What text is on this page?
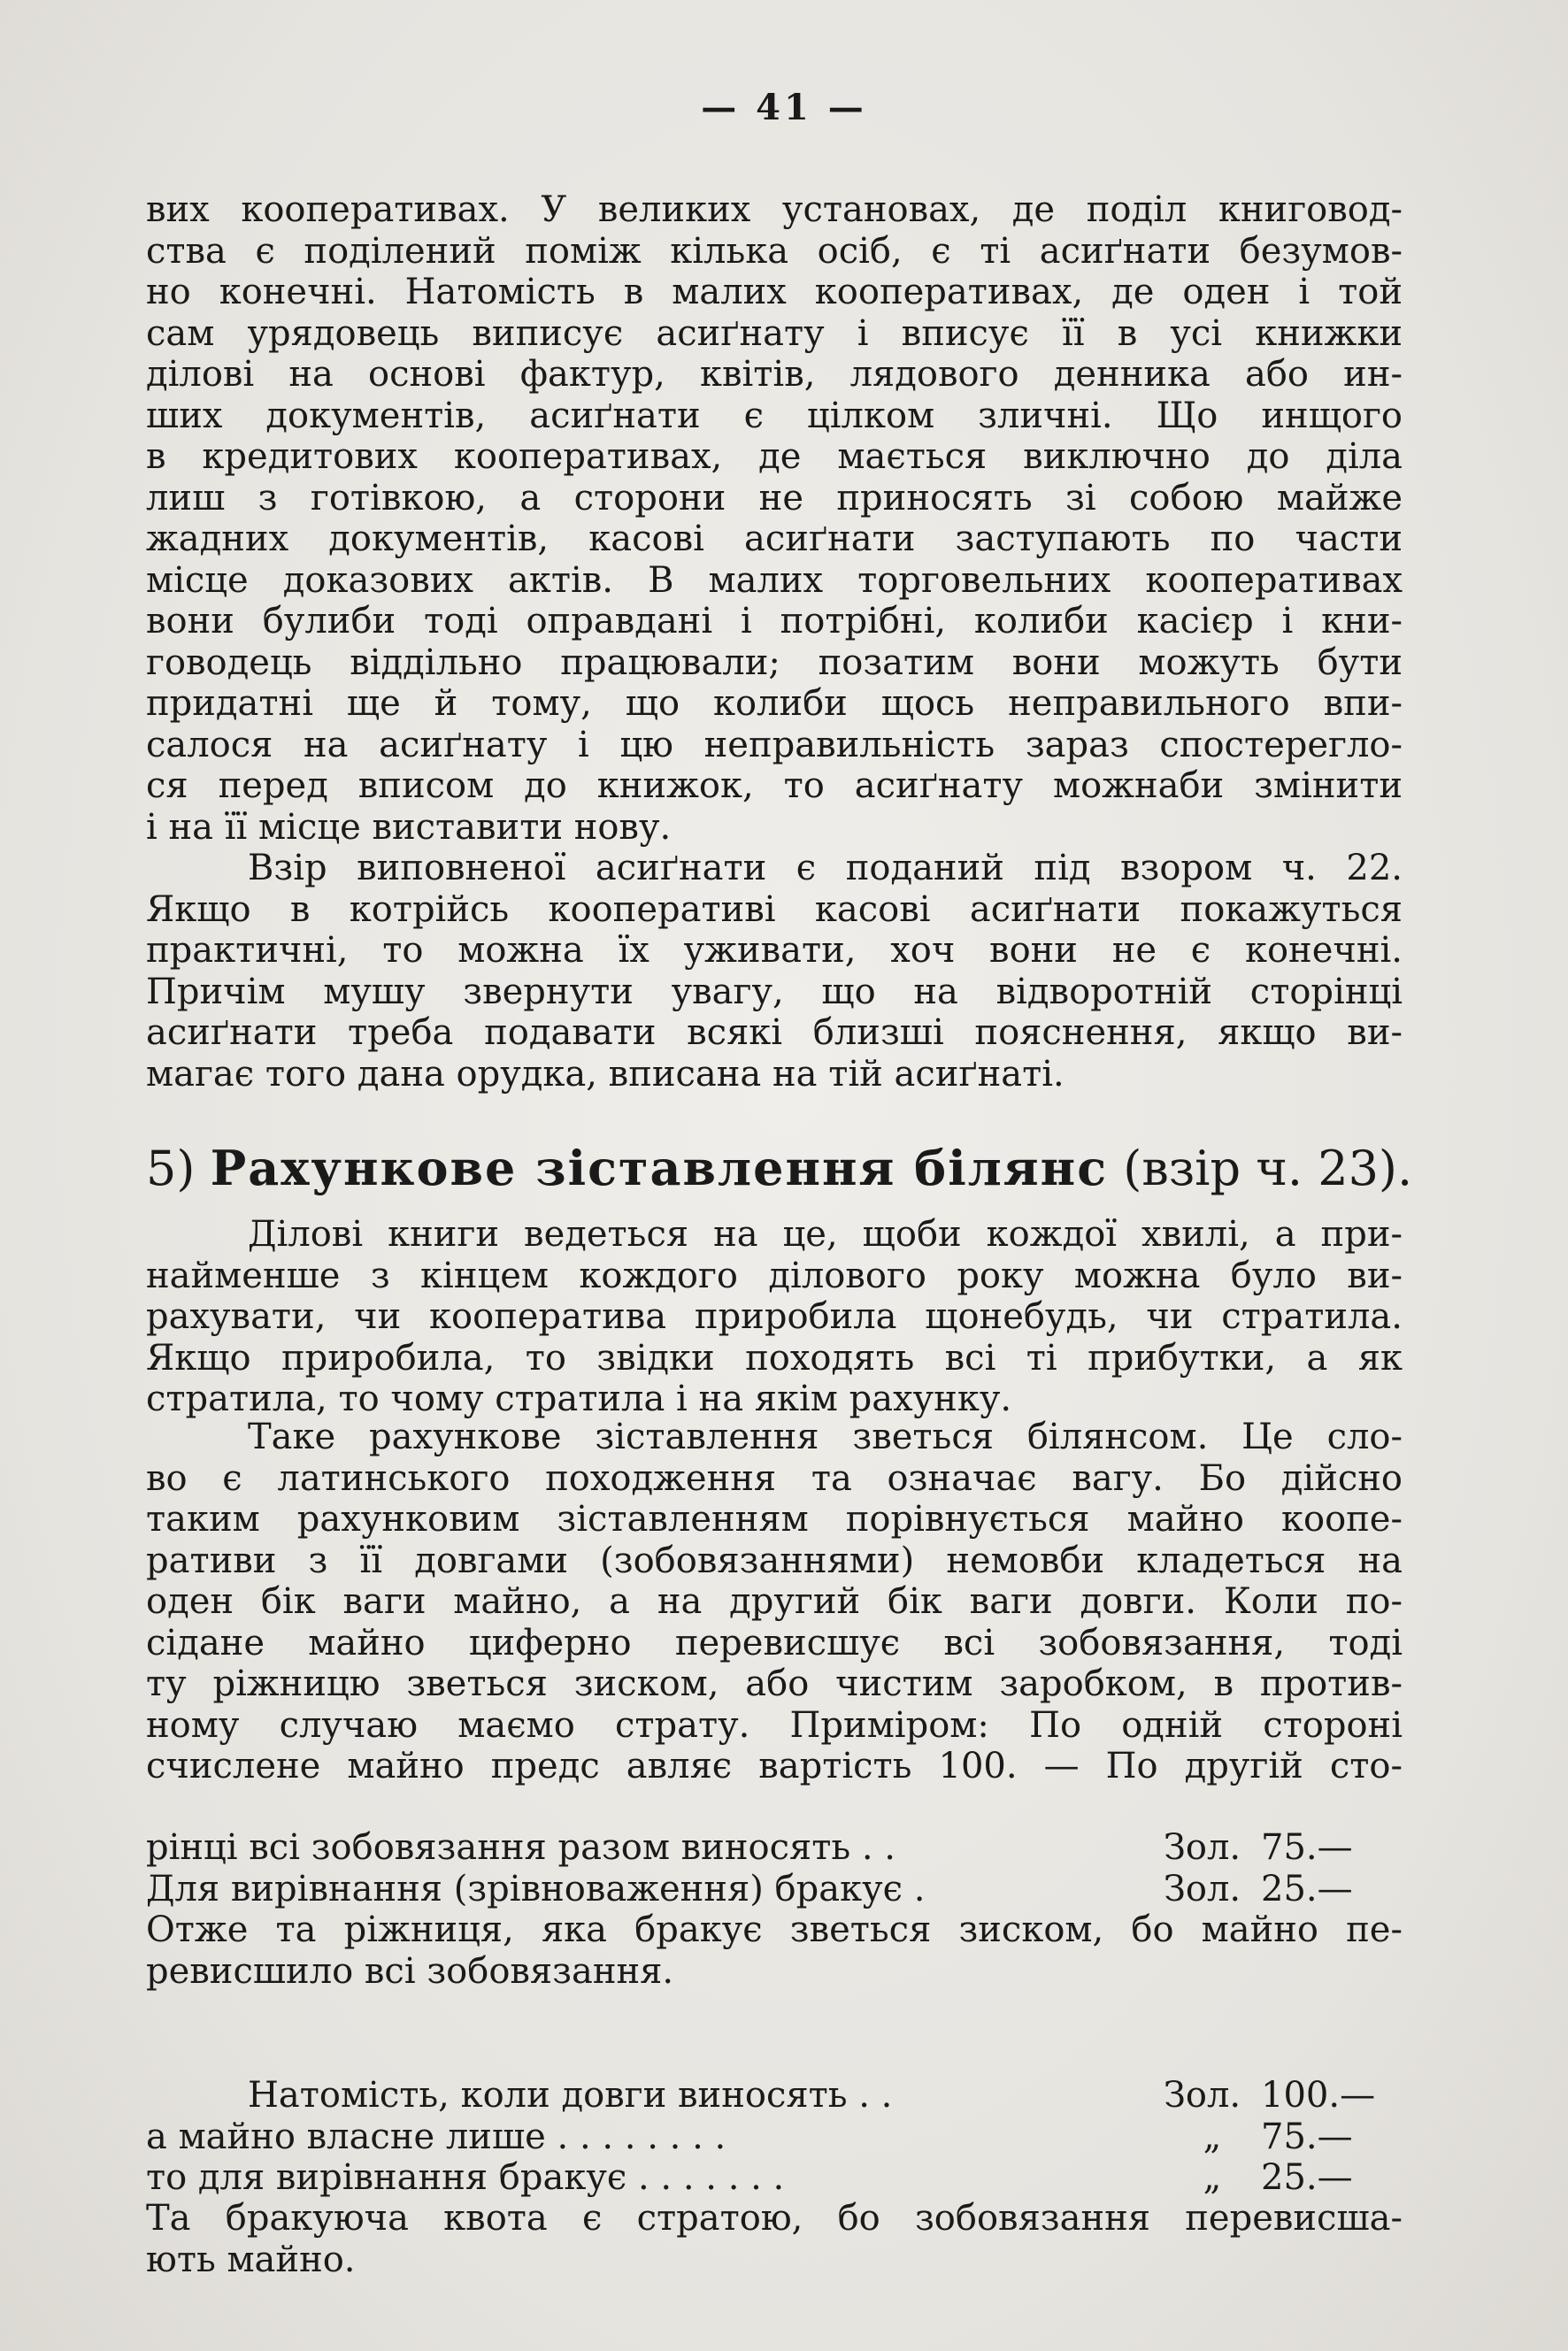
— 41 —
вих кооперативах. У великих установах, де поділ книговод-
ства є поділений поміж кілька осіб, є ті асиґнати безумов-
но конечні. Натомість в малих кооперативах, де оден і той
сам урядовець виписує асиґнату і вписує її в усі книжки
ділові на основі фактур, квітів, лядового денника або ин-
ших документів, асиґнати є цілком зличні. Що инщого
в кредитових кооперативах, де мається виключно до діла
лиш з готівкою, а сторони не приносять зі собою майже
жадних документів, касові асиґнати заступають по части
місце доказових актів. В малих торговельних кооперативах
вони булиби тоді оправдані і потрібні, колиби касієр і кни-
говодець віддільно працювали; позатим вони можуть бути
придатні ще й тому, що колиби щось неправильного впи-
салося на асиґнату і цю неправильність зараз спостереглo-
ся перед вписом до книжок, то асиґнату можнаби змінити
і на її місце виставити нову.
Взір виповненої асиґнати є поданий під взором ч. 22.
Якщо в котрійсь кооперативі касові асиґнати покажуться
практичні, то можна їх уживати, хоч вони не є конечні.
Причім мушу звернути увагу, що на відворотній сторінці
асиґнати треба подавати всякі близші пояснення, якщо ви-
магає того дана орудка, вписана на тій асиґнаті.
5) Рахункове зіставлення білянс (взір ч. 23).
Ділові книги ведеться на це, щоби кождої хвилі, а при-
найменше з кінцем кождого ділового року можна було ви-
рахувати, чи кооператива приробила щонебудь, чи стратила.
Якщо приробила, то звідки походять всі ті прибутки, а як
стратила, то чому стратила і на якім рахунку.
Таке рахункове зіставлення зветься білянсом. Це сло-
во є латинського походження та означає вагу. Бо дійсно
таким рахунковим зіставленням порівнується майно коопе-
ративи з її довгами (зобовязаннями) немовби кладеться на
оден бік ваги майно, а на другий бік ваги довги. Коли по-
сідане майно циферно перевисшує всі зобовязання, тоді
ту ріжницю зветься зиском, або чистим заробком, в против-
ному случаю маємо страту. Приміром: По одній стороні
счислене майно предс авляє вартість 100. — По другій сто-
рінці всі зобовязання разом виносять . .	Зол. 75.—
Для вирівнання (зрівноваження) бракує .	Зол. 25.—
Отже та ріжниця, яка бракує зветься зиском, бо майно пе-
ревисшило всі зобовязання.
Натомість, коли довги виносять . .	Зол. 100.—
а майно власне лише . . . . . . . .	„	75.—
то для вирівнання бракує . . . . . . .	„	25.—
Та бракуюча квота є стратою, бо зобовязання перевисша-
ють майно.
